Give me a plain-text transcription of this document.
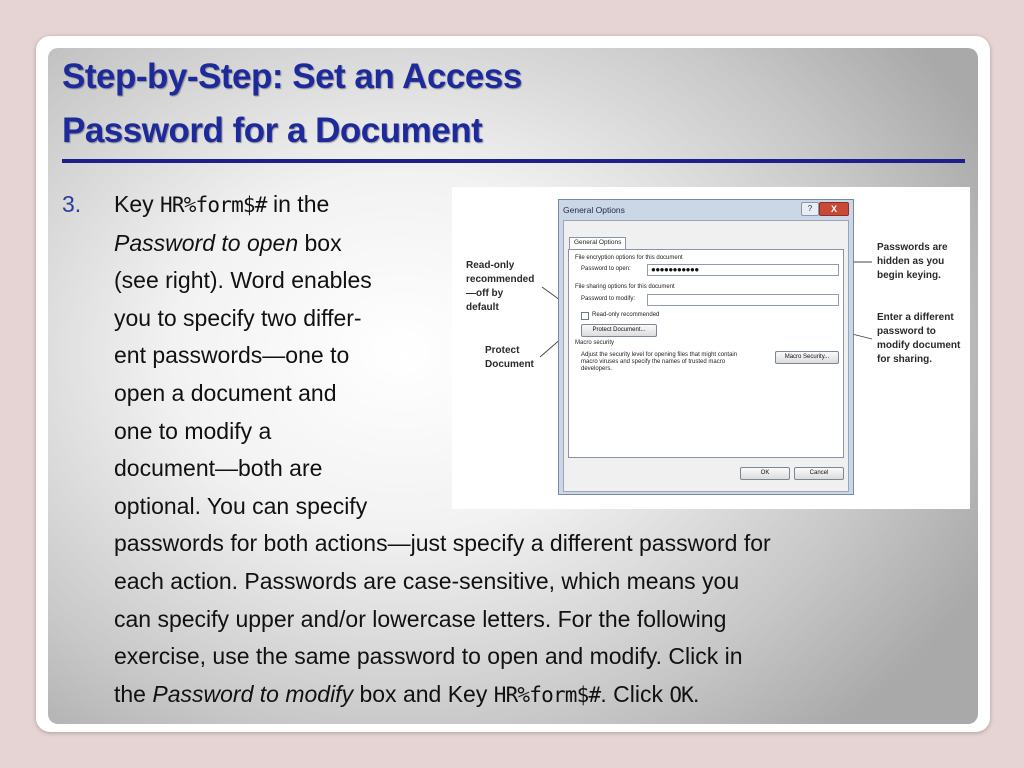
Step-by-Step: Set an Access
Password for a Document
3. Key HR%form$# in the
Password to open box
(see right). Word enables
you to specify two differ-
ent passwords—one to
open a document and
one to modify a
document—both are
optional. You can specify
passwords for both actions—just specify a different password for
each action. Passwords are case-sensitive, which means you
can specify upper and/or lowercase letters. For the following
exercise, use the same password to open and modify. Click in
the Password to modify box and Key HR%form$#. Click OK.
Read-only
recommended
—off by
default
Protect
Document
Passwords are
hidden as you
begin keying.
Enter a different
password to
modify document
for sharing.
General Options	?	X
General Options
File encryption options for this document
Password to open:	●●●●●●●●●●●
File sharing options for this document
Password to modify:
Read-only recommended
Protect Document...
Macro security
Adjust the security level for opening files that might contain
macro viruses and specify the names of trusted macro
developers.
Macro Security...
OK	Cancel
